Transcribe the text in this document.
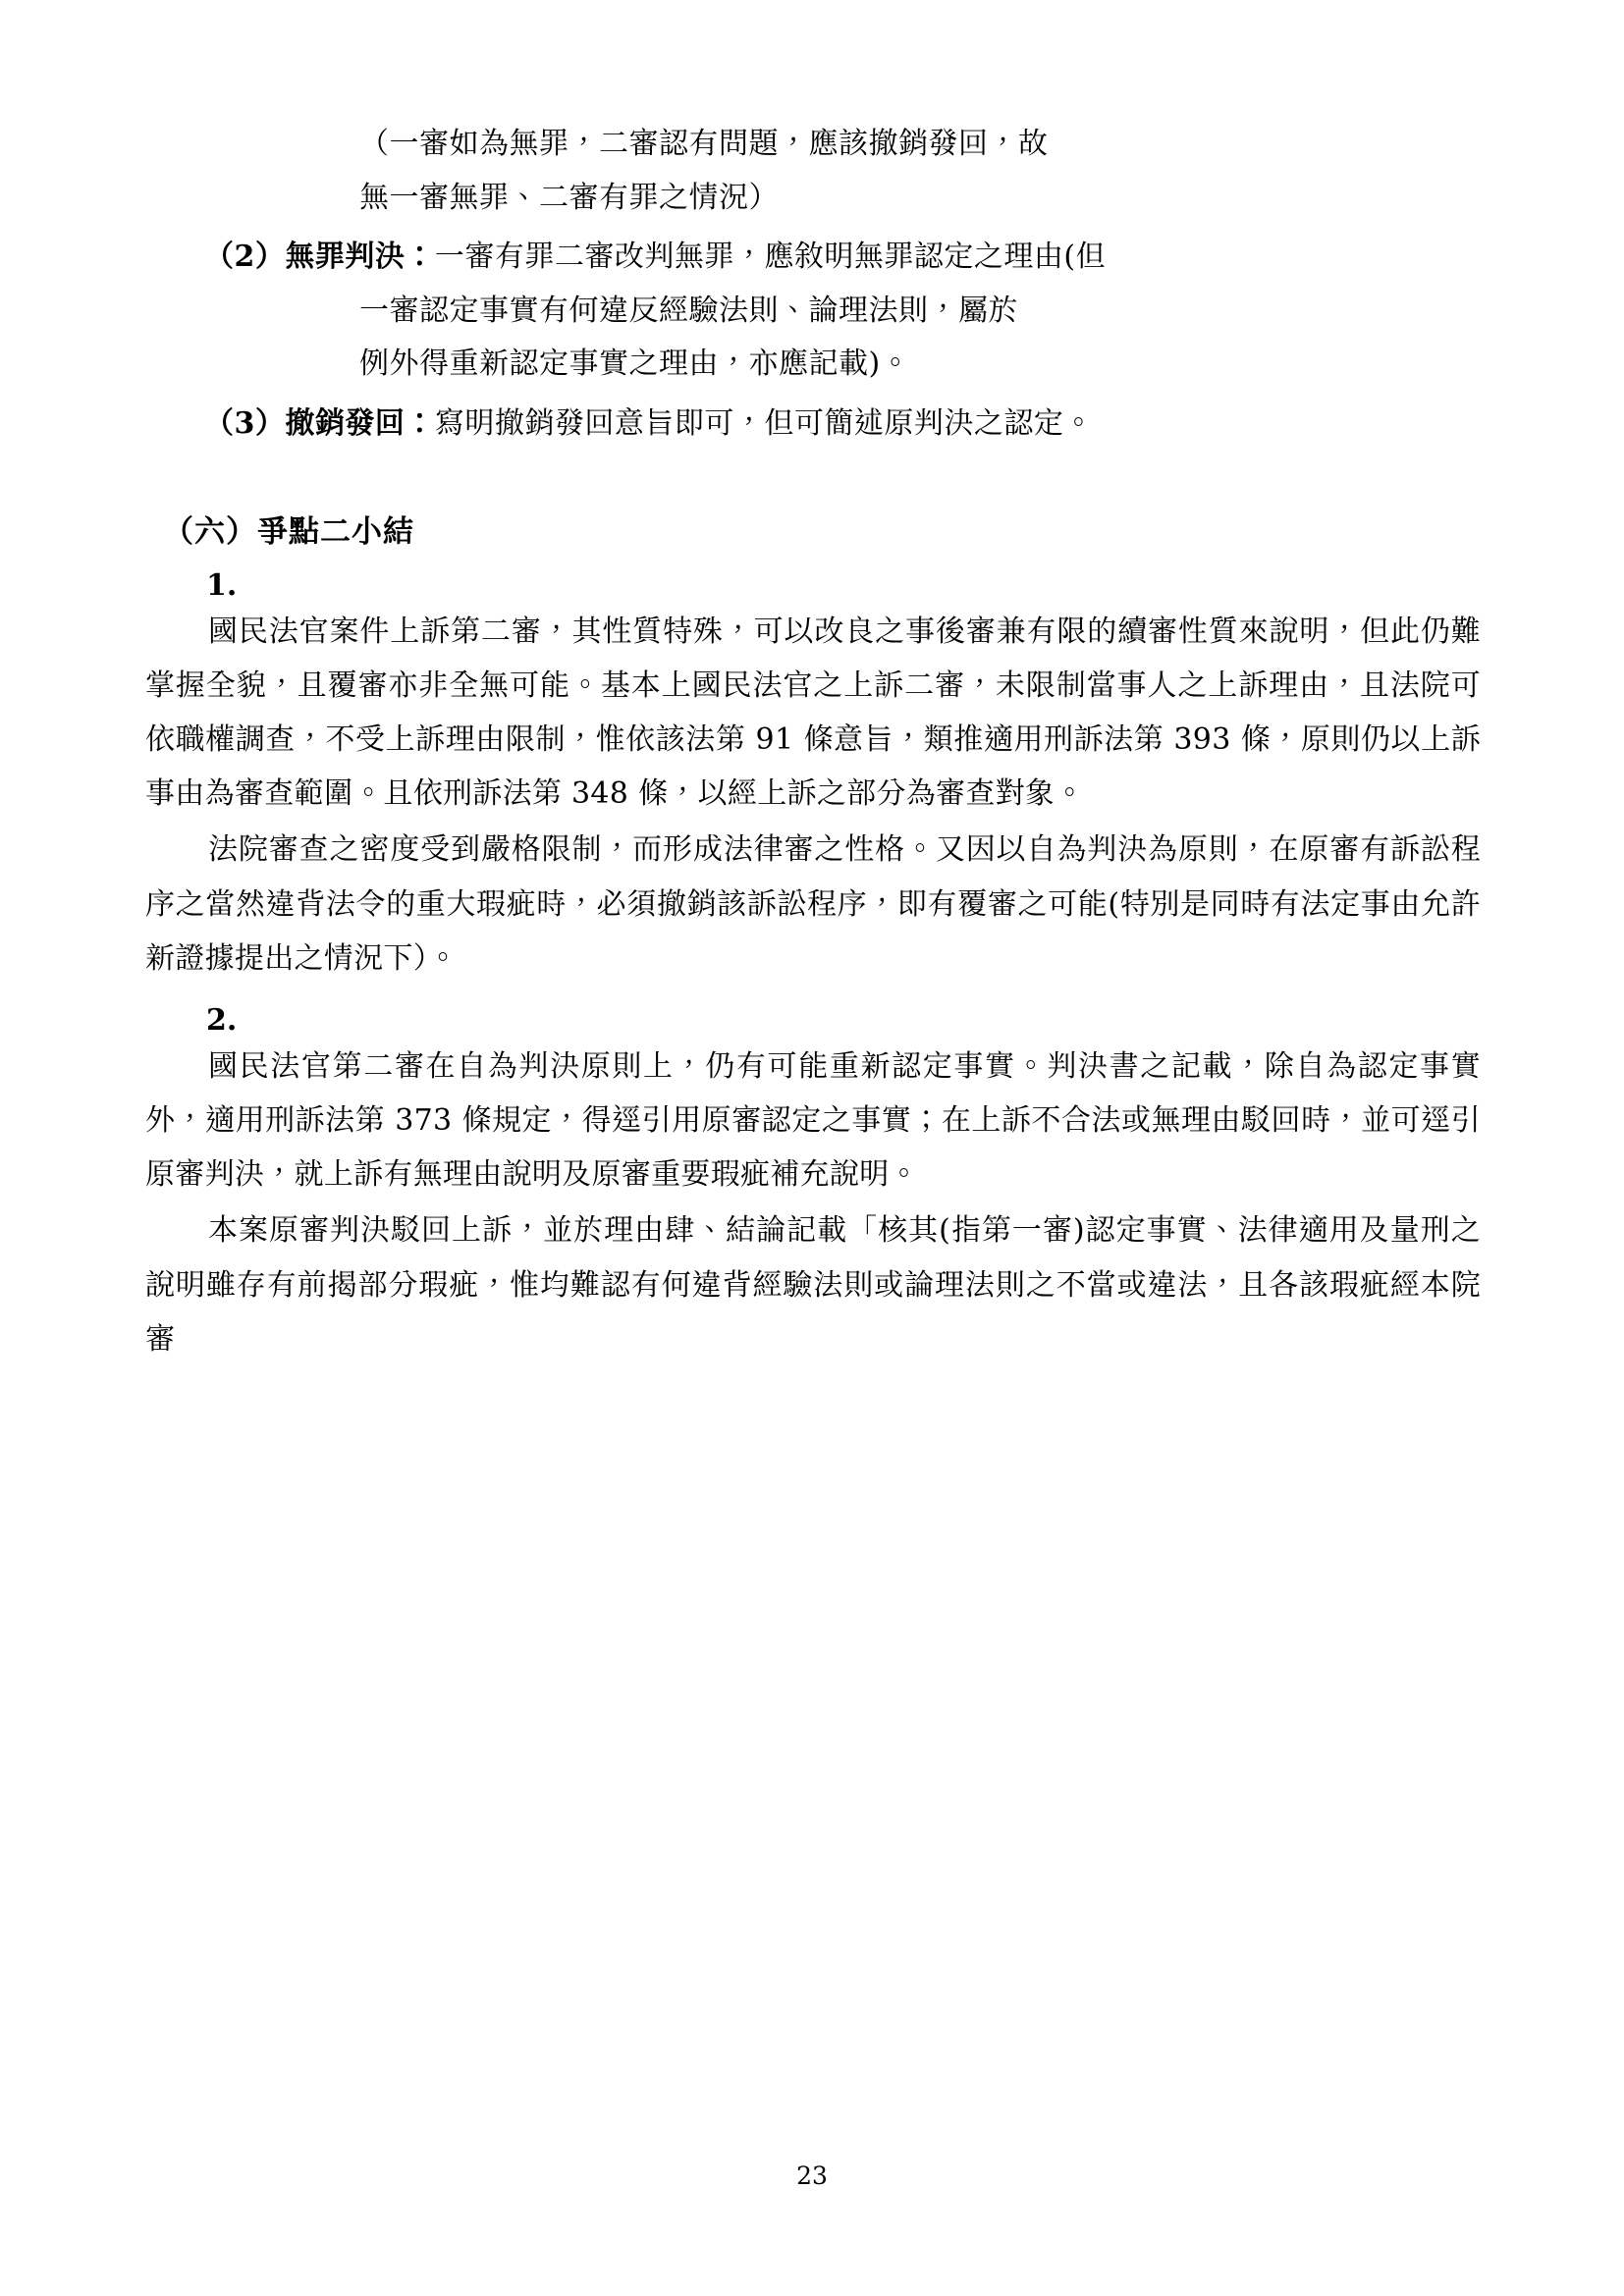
（一審如為無罪，二審認有問題，應該撤銷發回，故
無一審無罪、二審有罪之情況）
（2）無罪判決：一審有罪二審改判無罪，應敘明無罪認定之理由(但
一審認定事實有何違反經驗法則、論理法則，屬於
例外得重新認定事實之理由，亦應記載)。
（3）撤銷發回：寫明撤銷發回意旨即可，但可簡述原判決之認定。
（六）爭點二小結
1.

國民法官案件上訴第二審，其性質特殊，可以改良之事後審兼有限的續審性質來說明，但此仍難掌握全貌，且覆審亦非全無可能。基本上國民法官之上訴二審，未限制當事人之上訴理由，且法院可依職權調查，不受上訴理由限制，惟依該法第 91 條意旨，類推適用刑訴法第 393 條，原則仍以上訴事由為審查範圍。且依刑訴法第 348 條，以經上訴之部分為審查對象。

法院審查之密度受到嚴格限制，而形成法律審之性格。又因以自為判決為原則，在原審有訴訟程序之當然違背法令的重大瑕疵時，必須撤銷該訴訟程序，即有覆審之可能(特別是同時有法定事由允許新證據提出之情況下）。

2.

國民法官第二審在自為判決原則上，仍有可能重新認定事實。判決書之記載，除自為認定事實外，適用刑訴法第 373 條規定，得逕引用原審認定之事實；在上訴不合法或無理由駁回時，並可逕引原審判決，就上訴有無理由說明及原審重要瑕疵補充說明。

本案原審判決駁回上訴，並於理由肆、結論記載「核其(指第一審)認定事實、法律適用及量刑之說明雖存有前揭部分瑕疵，惟均難認有何違背經驗法則或論理法則之不當或違法，且各該瑕疵經本院審

23
